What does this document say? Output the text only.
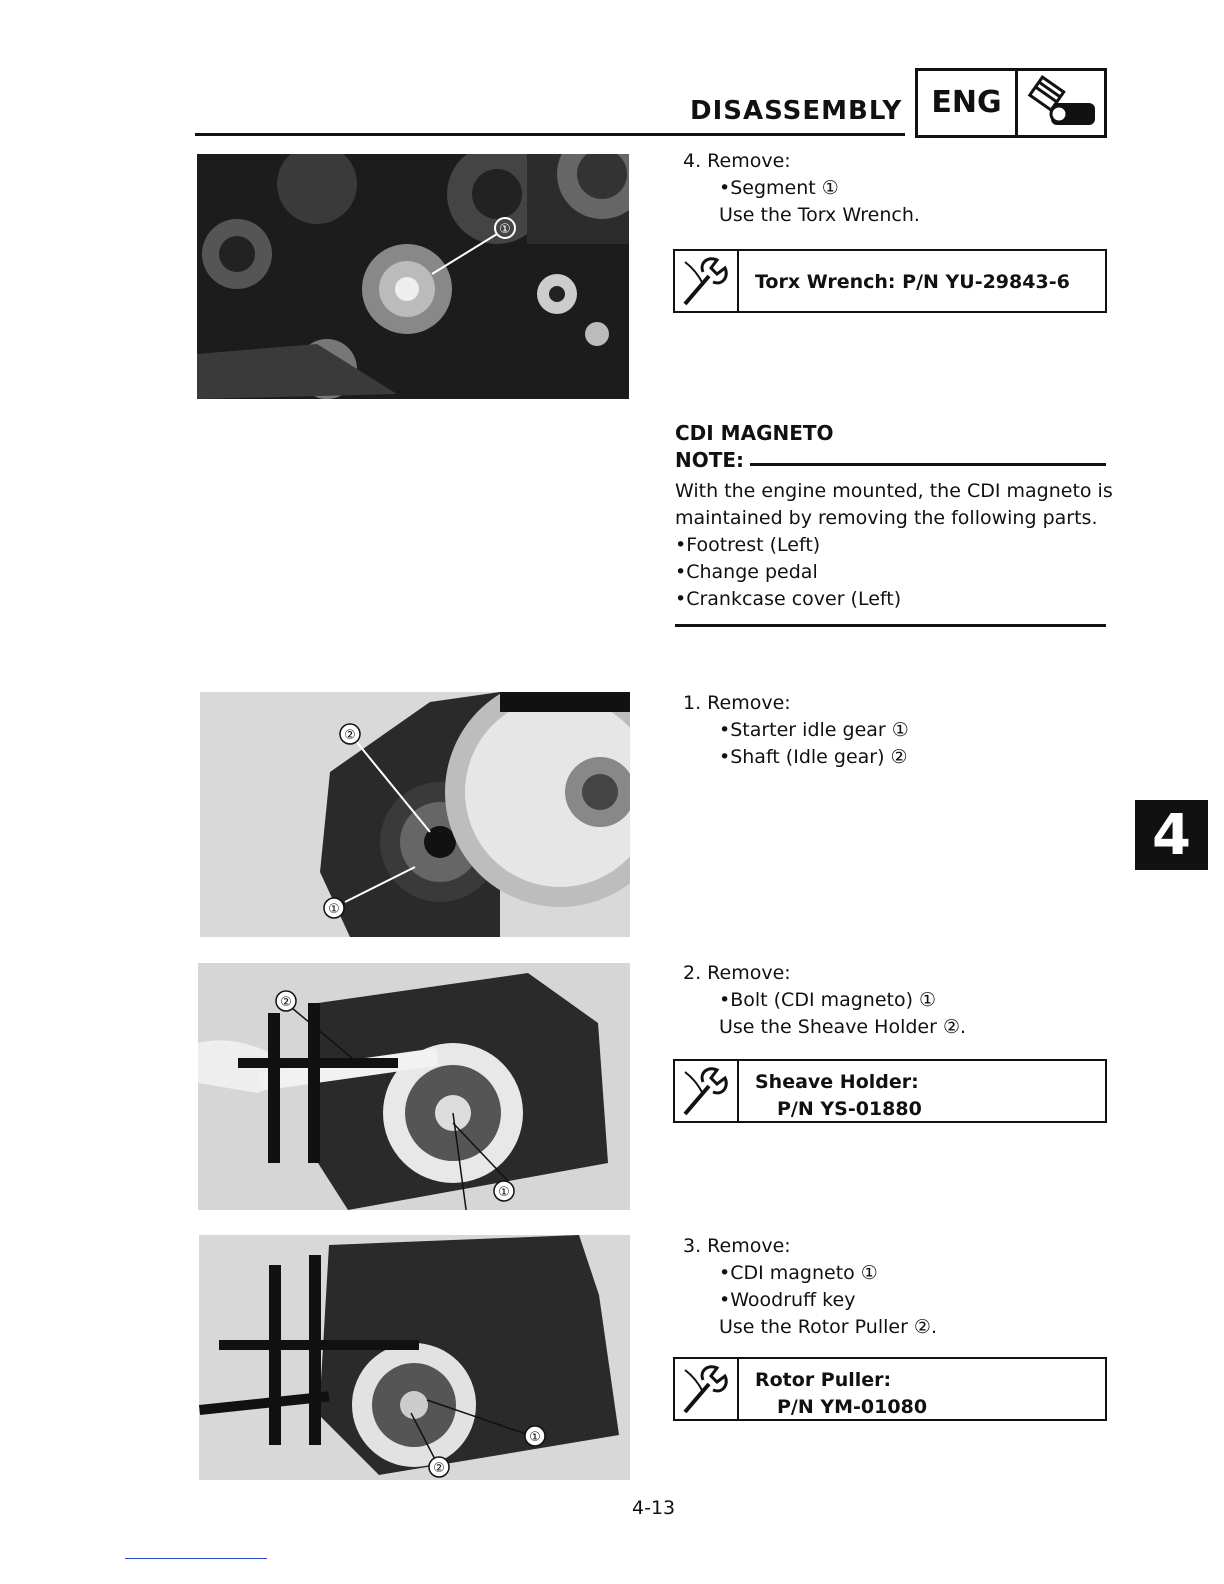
DISASSEMBLY ENG
①
4. Remove:
•Segment ①
Use the Torx Wrench.
Torx Wrench: P/N YU-29843-6
CDI MAGNETO
NOTE:
With the engine mounted, the CDI magneto is
maintained by removing the following parts.
•Footrest (Left)
•Change pedal
•Crankcase cover (Left)
②
①
1. Remove:
•Starter idle gear ①
•Shaft (Idle gear) ②
4
②
①
2. Remove:
•Bolt (CDI magneto) ①
Use the Sheave Holder ②.
Sheave Holder:
P/N YS-01880
①
②
3. Remove:
•CDI magneto ①
•Woodruff key
Use the Rotor Puller ②.
Rotor Puller:
P/N YM-01080
4-13
